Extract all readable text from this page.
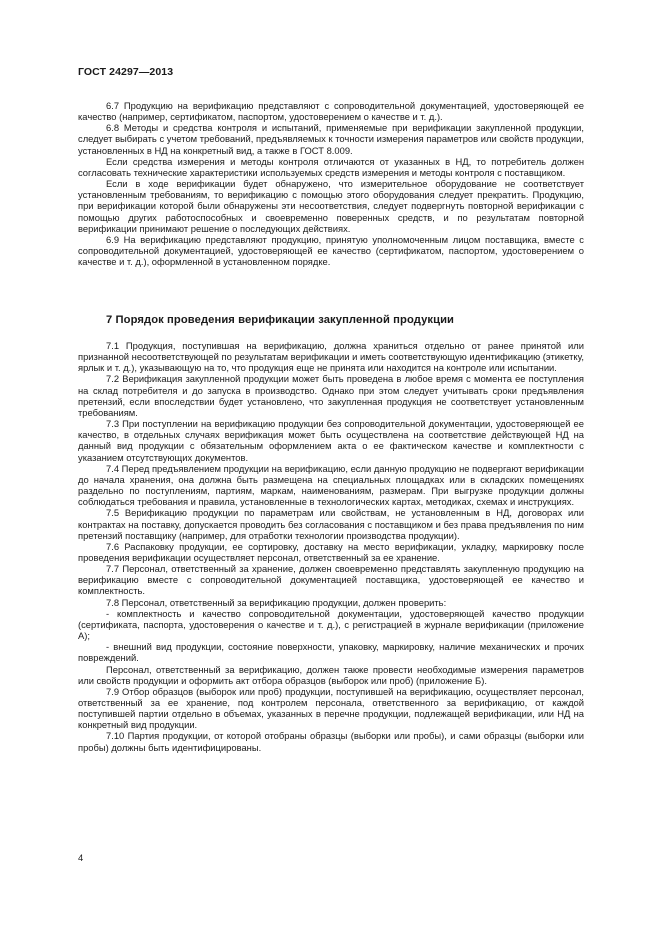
ГОСТ 24297—2013

6.7 Продукцию на верификацию представляют с сопроводительной документацией, удостоверяющей ее качество (например, сертификатом, паспортом, удостоверением о качестве и т. д.).

6.8 Методы и средства контроля и испытаний, применяемые при верификации закупленной продукции, следует выбирать с учетом требований, предъявляемых к точности измерения параметров или свойств продукции, установленных в НД на конкретный вид, а также в ГОСТ 8.009.

Если средства измерения и методы контроля отличаются от указанных в НД, то потребитель должен согласовать технические характеристики используемых средств измерения и методы контроля с поставщиком.

Если в ходе верификации будет обнаружено, что измерительное оборудование не соответствует установленным требованиям, то верификацию с помощью этого оборудования следует прекратить. Продукцию, при верификации которой были обнаружены эти несоответствия, следует подвергнуть повторной верификации с помощью других работоспособных и своевременно поверенных средств, и по результатам повторной верификации принимают решение о последующих действиях.

6.9 На верификацию представляют продукцию, принятую уполномоченным лицом поставщика, вместе с сопроводительной документацией, удостоверяющей ее качество (сертификатом, паспортом, удостоверением о качестве и т. д.), оформленной в установленном порядке.

7 Порядок проведения верификации закупленной продукции

7.1 Продукция, поступившая на верификацию, должна храниться отдельно от ранее принятой или признанной несоответствующей по результатам верификации и иметь соответствующую идентификацию (этикетку, ярлык и т. д.), указывающую на то, что продукция еще не принята или находится на контроле или испытании.

7.2 Верификация закупленной продукции может быть проведена в любое время с момента ее поступления на склад потребителя и до запуска в производство. Однако при этом следует учитывать сроки предъявления претензий, если впоследствии будет установлено, что закупленная продукция не соответствует установленным требованиям.

7.3 При поступлении на верификацию продукции без сопроводительной документации, удостоверяющей ее качество, в отдельных случаях верификация может быть осуществлена на соответствие действующей НД на данный вид продукции с обязательным оформлением акта о ее фактическом качестве и комплектности с указанием отсутствующих документов.

7.4 Перед предъявлением продукции на верификацию, если данную продукцию не подвергают верификации до начала хранения, она должна быть размещена на специальных площадках или в складских помещениях раздельно по поступлениям, партиям, маркам, наименованиям, размерам. При выгрузке продукции должны соблюдаться требования и правила, установленные в технологических картах, методиках, схемах и инструкциях.

7.5 Верификацию продукции по параметрам или свойствам, не установленным в НД, договорах или контрактах на поставку, допускается проводить без согласования с поставщиком и без права предъявления по ним претензий поставщику (например, для отработки технологии производства продукции).

7.6 Распаковку продукции, ее сортировку, доставку на место верификации, укладку, маркировку после проведения верификации осуществляет персонал, ответственный за ее хранение.

7.7 Персонал, ответственный за хранение, должен своевременно представлять закупленную продукцию на верификацию вместе с сопроводительной документацией поставщика, удостоверяющей ее качество и комплектность.

7.8 Персонал, ответственный за верификацию продукции, должен проверить:

- комплектность и качество сопроводительной документации, удостоверяющей качество продукции (сертификата, паспорта, удостоверения о качестве и т. д.), с регистрацией в журнале верификации (приложение А);

- внешний вид продукции, состояние поверхности, упаковку, маркировку, наличие механических и прочих повреждений.

Персонал, ответственный за верификацию, должен также провести необходимые измерения параметров или свойств продукции и оформить акт отбора образцов (выборок или проб) (приложение Б).

7.9 Отбор образцов (выборок или проб) продукции, поступившей на верификацию, осуществляет персонал, ответственный за ее хранение, под контролем персонала, ответственного за верификацию, от каждой поступившей партии отдельно в объемах, указанных в перечне продукции, подлежащей верификации, или НД на конкретный вид продукции.

7.10 Партия продукции, от которой отобраны образцы (выборки или пробы), и сами образцы (выборки или пробы) должны быть идентифицированы.

4
